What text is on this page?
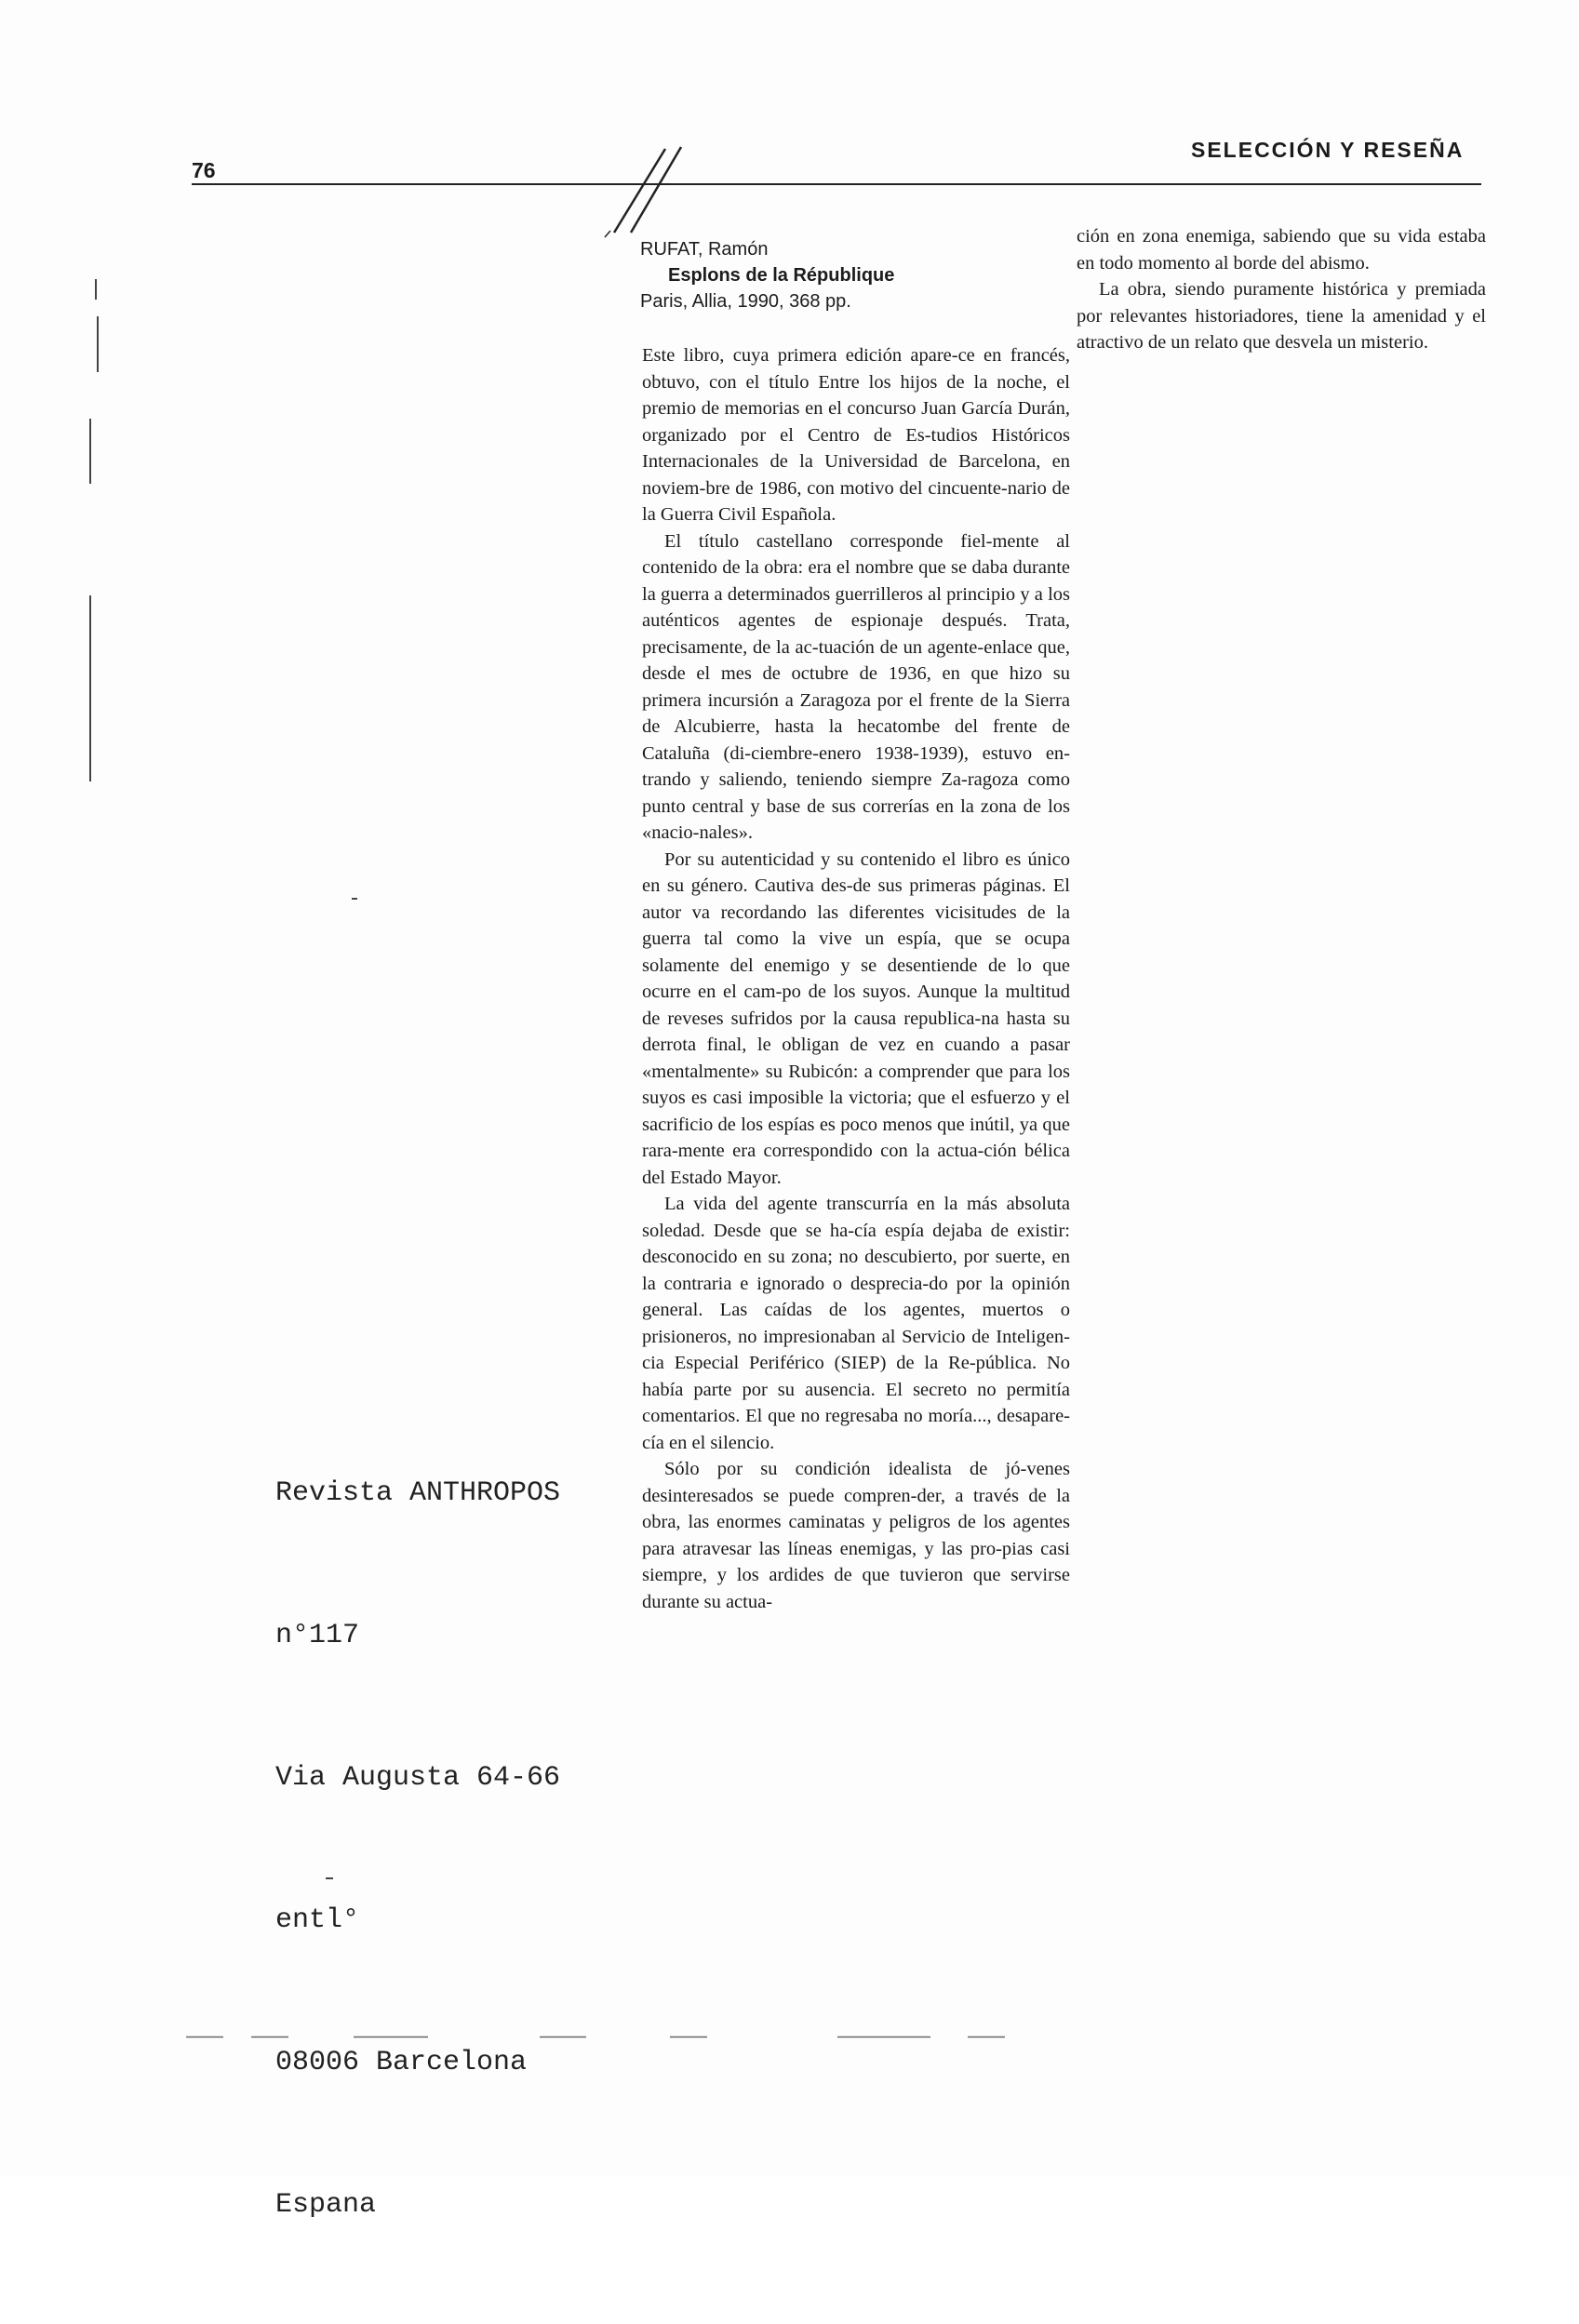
76
SELECCIÓN Y RESEÑA
RUFAT, Ramón
Esplons de la République
Paris, Allia, 1990, 368 pp.

Este libro, cuya primera edición apare-ce en francés, obtuvo, con el título Entre los hijos de la noche, el premio de memorias en el concurso Juan García Durán, organizado por el Centro de Es-tudios Históricos Internacionales de la Universidad de Barcelona, en noviem-bre de 1986, con motivo del cincuente-nario de la Guerra Civil Española.

El título castellano corresponde fiel-mente al contenido de la obra: era el nombre que se daba durante la guerra a determinados guerrilleros al principio y a los auténticos agentes de espionaje después. Trata, precisamente, de la ac-tuación de un agente-enlace que, desde el mes de octubre de 1936, en que hizo su primera incursión a Zaragoza por el frente de la Sierra de Alcubierre, hasta la hecatombe del frente de Cataluña (di-ciembre-enero 1938-1939), estuvo en-trando y saliendo, teniendo siempre Za-ragoza como punto central y base de sus correrías en la zona de los «nacio-nales».

Por su autenticidad y su contenido el libro es único en su género. Cautiva des-de sus primeras páginas. El autor va recordando las diferentes vicisitudes de la guerra tal como la vive un espía, que se ocupa solamente del enemigo y se desentiende de lo que ocurre en el cam-po de los suyos. Aunque la multitud de reveses sufridos por la causa republica-na hasta su derrota final, le obligan de vez en cuando a pasar «mentalmente» su Rubicón: a comprender que para los suyos es casi imposible la victoria; que el esfuerzo y el sacrificio de los espías es poco menos que inútil, ya que rara-mente era correspondido con la actua-ción bélica del Estado Mayor.

La vida del agente transcurría en la más absoluta soledad. Desde que se ha-cía espía dejaba de existir: desconocido en su zona; no descubierto, por suerte, en la contraria e ignorado o desprecia-do por la opinión general. Las caídas de los agentes, muertos o prisioneros, no impresionaban al Servicio de Inteligen-cia Especial Periférico (SIEP) de la Re-pública. No había parte por su ausencia. El secreto no permitía comentarios. El que no regresaba no moría..., desapare-cía en el silencio.

Sólo por su condición idealista de jó-venes desinteresados se puede compren-der, a través de la obra, las enormes caminatas y peligros de los agentes para atravesar las líneas enemigas, y las pro-pias casi siempre, y los ardides de que tuvieron que servirse durante su actua-

ción en zona enemiga, sabiendo que su vida estaba en todo momento al borde del abismo.

La obra, siendo puramente histórica y premiada por relevantes historiadores, tiene la amenidad y el atractivo de un relato que desvela un misterio.

Revista ANTHROPOS

n°117

Via Augusta 64-66

entl°

08006 Barcelona

Espana
